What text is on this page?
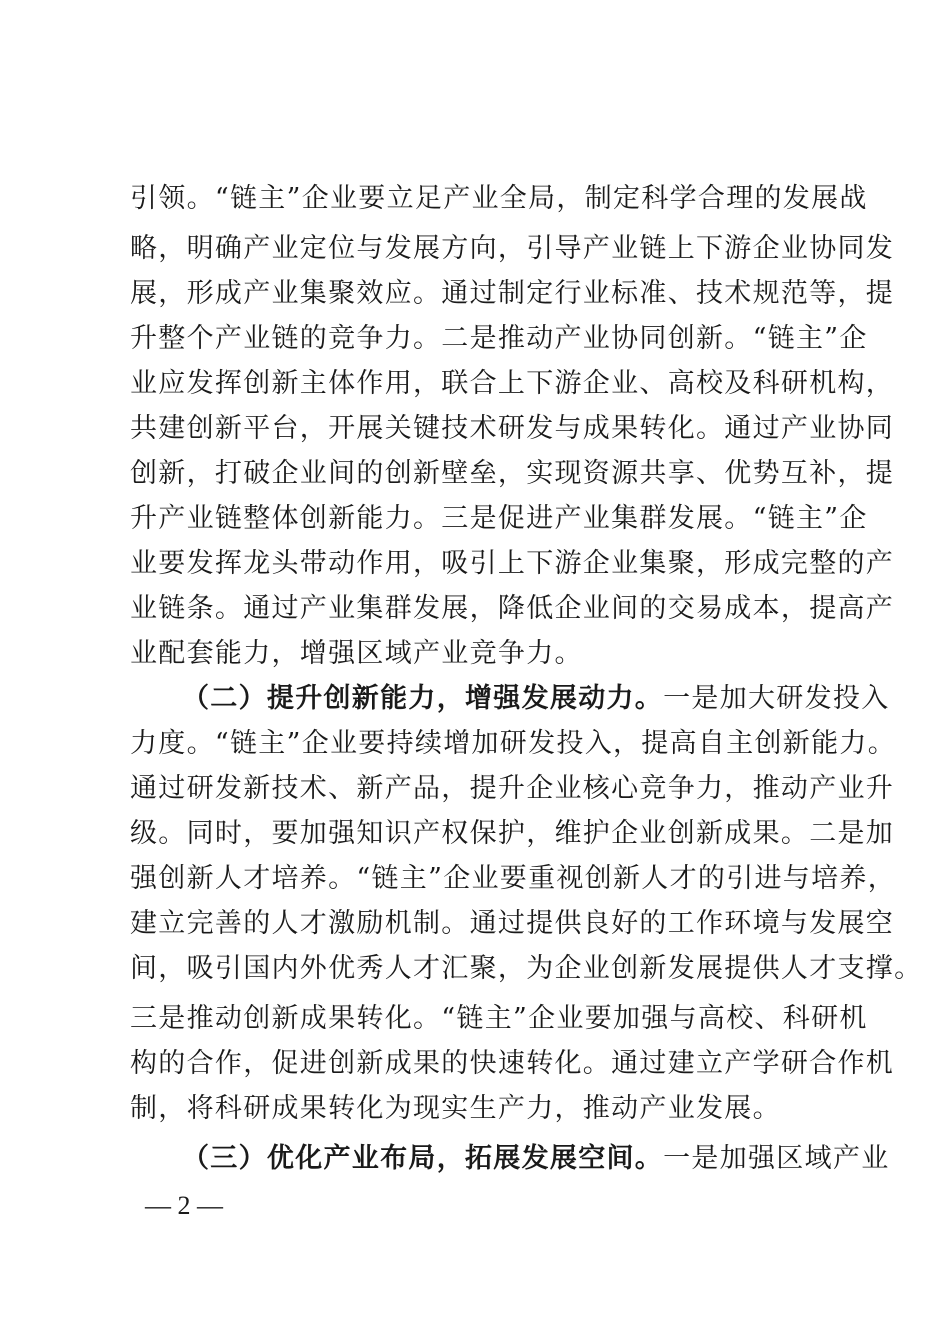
引领。“链主”企业要立足产业全局，制定科学合理的发展战
略，明确产业定位与发展方向，引导产业链上下游企业协同发
展，形成产业集聚效应。通过制定行业标准、技术规范等，提
升整个产业链的竞争力。二是推动产业协同创新。“链主”企
业应发挥创新主体作用，联合上下游企业、高校及科研机构，
共建创新平台，开展关键技术研发与成果转化。通过产业协同
创新，打破企业间的创新壁垒，实现资源共享、优势互补，提
升产业链整体创新能力。三是促进产业集群发展。“链主”企
业要发挥龙头带动作用，吸引上下游企业集聚，形成完整的产
业链条。通过产业集群发展，降低企业间的交易成本，提高产
业配套能力，增强区域产业竞争力。
（二）提升创新能力，增强发展动力。一是加大研发投入
力度。“链主”企业要持续增加研发投入，提高自主创新能力。
通过研发新技术、新产品，提升企业核心竞争力，推动产业升
级。同时，要加强知识产权保护，维护企业创新成果。二是加
强创新人才培养。“链主”企业要重视创新人才的引进与培养，
建立完善的人才激励机制。通过提供良好的工作环境与发展空
间，吸引国内外优秀人才汇聚，为企业创新发展提供人才支撑。
三是推动创新成果转化。“链主”企业要加强与高校、科研机
构的合作，促进创新成果的快速转化。通过建立产学研合作机
制，将科研成果转化为现实生产力，推动产业发展。
（三）优化产业布局，拓展发展空间。一是加强区域产业
— 2 —
